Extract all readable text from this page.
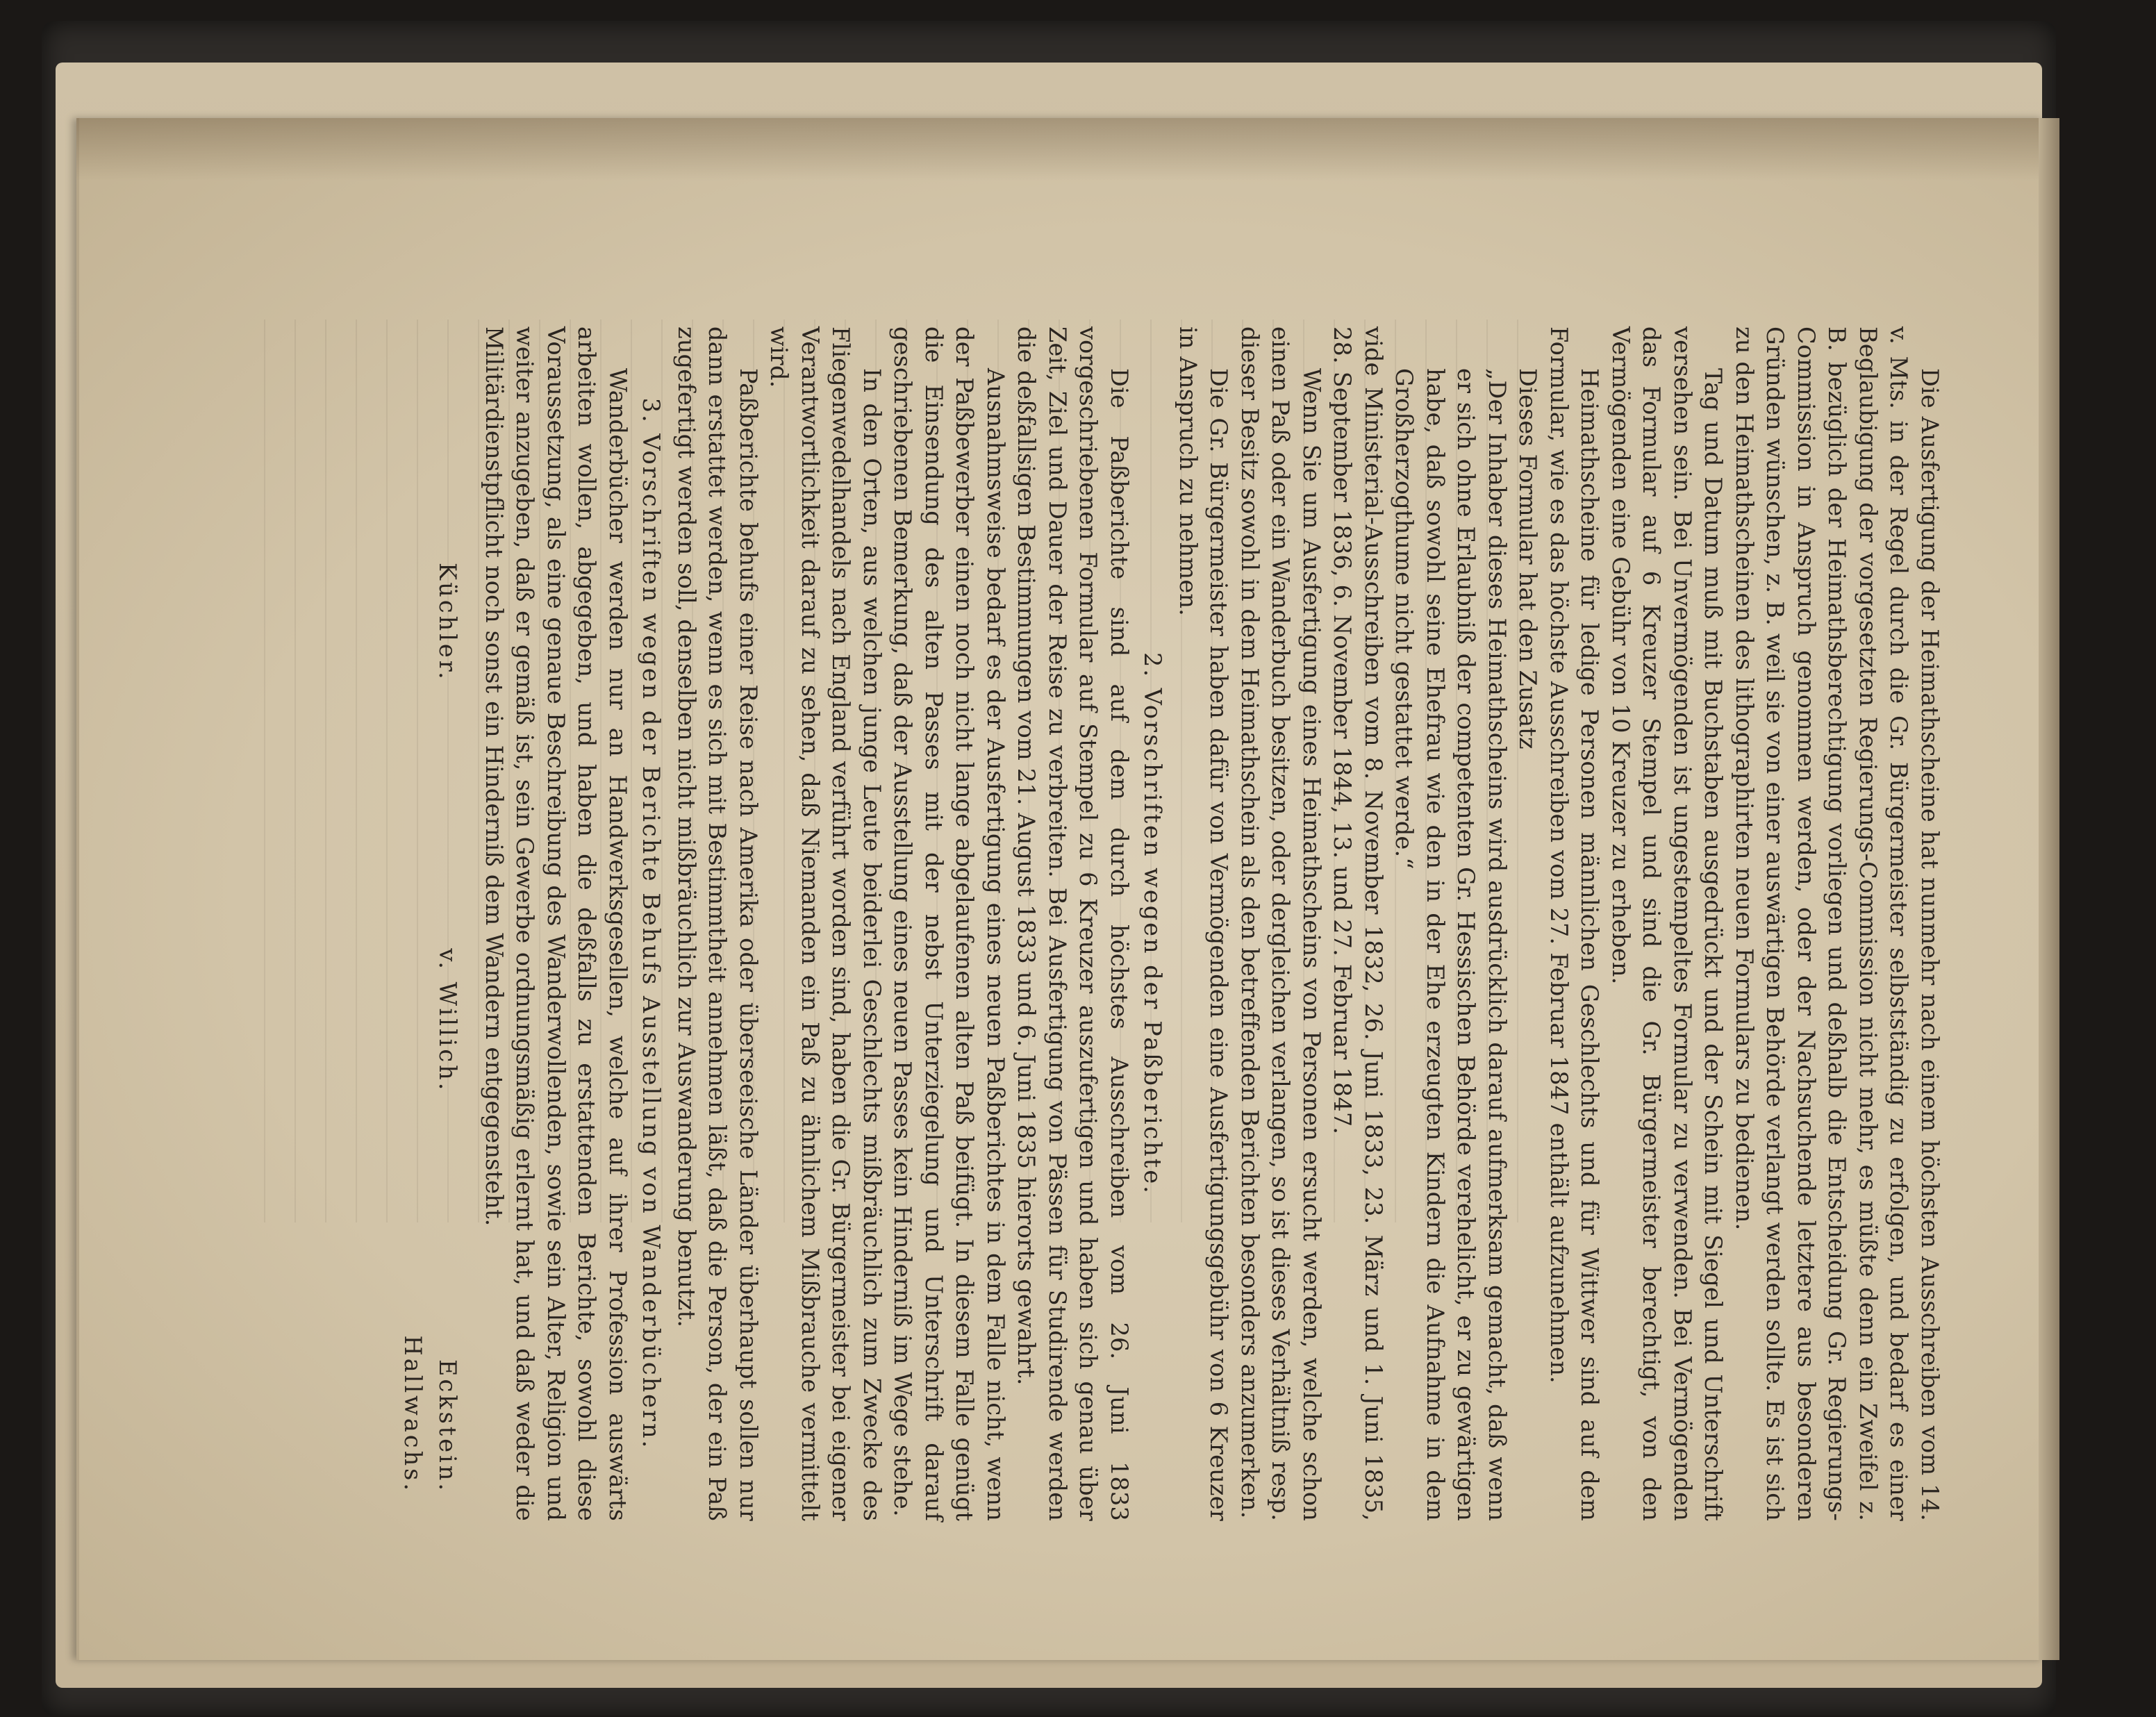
Die Ausfertigung der Heimathscheine hat nunmehr nach einem höchsten Ausschreiben vom 14. v. Mts. in der Regel durch die Gr. Bürgermeister selbstständig zu erfolgen, und bedarf es einer Beglaubigung der vorgesetzten Regierungs-Commission nicht mehr, es müßte denn ein Zweifel z. B. bezüglich der Heimathsberechtigung vorliegen und deßhalb die Entscheidung Gr. Regierungs-Commission in Anspruch genommen werden, oder der Nachsuchende letztere aus besonderen Gründen wünschen, z. B. weil sie von einer auswärtigen Behörde verlangt werden sollte. Es ist sich zu den Heimathscheinen des lithographirten neuen Formulars zu bedienen.

Tag und Datum muß mit Buchstaben ausgedrückt und der Schein mit Siegel und Unterschrift versehen sein. Bei Unvermögenden ist ungestempeltes Formular zu verwenden. Bei Vermögenden das Formular auf 6 Kreuzer Stempel und sind die Gr. Bürgermeister berechtigt, von den Vermögenden eine Gebühr von 10 Kreuzer zu erheben.

Heimathscheine für ledige Personen männlichen Geschlechts und für Wittwer sind auf dem Formular, wie es das höchste Ausschreiben vom 27. Februar 1847 enthält aufzunehmen.

Dieses Formular hat den Zusatz

„Der Inhaber dieses Heimathscheins wird ausdrücklich darauf aufmerksam gemacht, daß wenn er sich ohne Erlaubniß der competenten Gr. Hessischen Behörde verehelicht, er zu gewärtigen habe, daß sowohl seine Ehefrau wie den in der Ehe erzeugten Kindern die Aufnahme in dem Großherzogthume nicht gestattet werde.“

vide Ministerial-Ausschreiben vom 8. November 1832, 26. Juni 1833, 23. März und 1. Juni 1835, 28. September 1836, 6. November 1844, 13. und 27. Februar 1847.

Wenn Sie um Ausfertigung eines Heimathscheins von Personen ersucht werden, welche schon einen Paß oder ein Wanderbuch besitzen, oder dergleichen verlangen, so ist dieses Verhältniß resp. dieser Besitz sowohl in dem Heimathschein als den betreffenden Berichten besonders anzumerken.

Die Gr. Bürgermeister haben dafür von Vermögenden eine Ausfertigungsgebühr von 6 Kreuzer in Anspruch zu nehmen.

2. Vorschriften wegen der Paßberichte.

Die Paßberichte sind auf dem durch höchstes Ausschreiben vom 26. Juni 1833 vorgeschriebenen Formular auf Stempel zu 6 Kreuzer auszufertigen und haben sich genau über Zeit, Ziel und Dauer der Reise zu verbreiten. Bei Ausfertigung von Pässen für Studirende werden die deßfallsigen Bestimmungen vom 21. August 1833 und 6. Juni 1835 hierorts gewahrt.

Ausnahmsweise bedarf es der Ausfertigung eines neuen Paßberichtes in dem Falle nicht, wenn der Paßbewerber einen noch nicht lange abgelaufenen alten Paß beifügt. In diesem Falle genügt die Einsendung des alten Passes mit der nebst Unterziegelung und Unterschrift darauf geschriebenen Bemerkung, daß der Ausstellung eines neuen Passes kein Hinderniß im Wege stehe.

In den Orten, aus welchen junge Leute beiderlei Geschlechts mißbräuchlich zum Zwecke des Fliegenwedelhandels nach England verführt worden sind, haben die Gr. Bürgermeister bei eigener Verantwortlichkeit darauf zu sehen, daß Niemanden ein Paß zu ähnlichem Mißbrauche vermittelt wird.

Paßberichte behufs einer Reise nach Amerika oder überseeische Länder überhaupt sollen nur dann erstattet werden, wenn es sich mit Bestimmtheit annehmen läßt, daß die Person, der ein Paß zugefertigt werden soll, denselben nicht mißbräuchlich zur Auswanderung benutzt.

3. Vorschriften wegen der Berichte Behufs Ausstellung von Wanderbüchern.

Wanderbücher werden nur an Handwerksgesellen, welche auf ihrer Profession auswärts arbeiten wollen, abgegeben, und haben die deßfalls zu erstattenden Berichte, sowohl diese Voraussetzung, als eine genaue Beschreibung des Wanderwollenden, sowie sein Alter, Religion und weiter anzugeben, daß er gemäß ist, sein Gewerbe ordnungsmäßig erlernt hat, und daß weder die Militärdienstpflicht noch sonst ein Hinderniß dem Wandern entgegensteht.

Küchler.
v. Willich.
Eckstein.
Hallwachs.
